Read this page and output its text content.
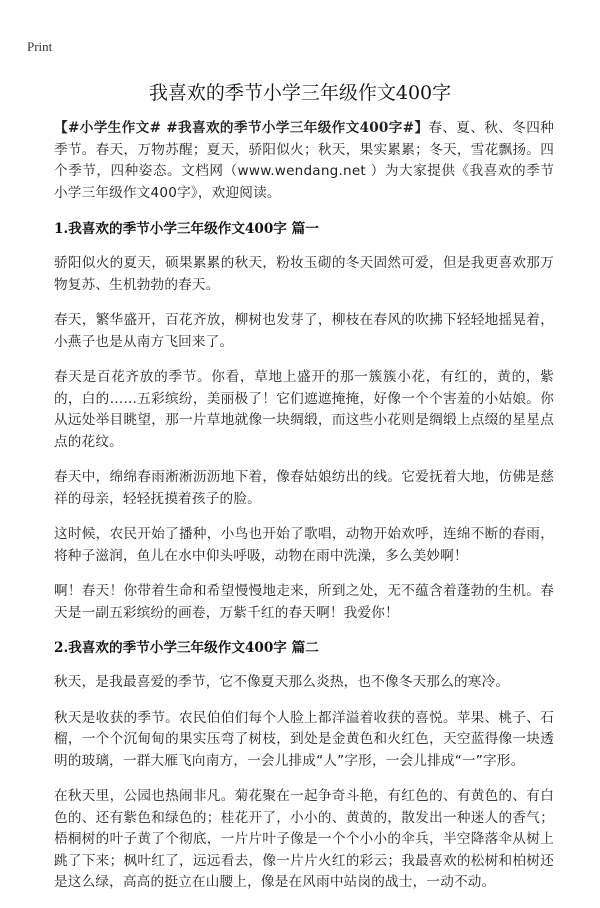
Print
我喜欢的季节小学三年级作文400字

【#小学生作文# #我喜欢的季节小学三年级作文400字#】春、夏、秋、冬四种季节。春天，万物苏醒；夏天，骄阳似火；秋天，果实累累；冬天，雪花飘扬。四个季节，四种姿态。文档网（www.wendang.net ）为大家提供《我喜欢的季节小学三年级作文400字》，欢迎阅读。

1.我喜欢的季节小学三年级作文400字 篇一

骄阳似火的夏天，硕果累累的秋天，粉妆玉砌的冬天固然可爱，但是我更喜欢那万物复苏、生机勃勃的春天。

春天，繁华盛开，百花齐放，柳树也发芽了，柳枝在春风的吹拂下轻轻地摇晃着，小燕子也是从南方飞回来了。

春天是百花齐放的季节。你看，草地上盛开的那一簇簇小花，有红的，黄的，紫的，白的……五彩缤纷，美丽极了！它们遮遮掩掩，好像一个个害羞的小姑娘。你从远处举目眺望，那一片草地就像一块绸缎，而这些小花则是绸缎上点缀的星星点点的花纹。

春天中，绵绵春雨淅淅沥沥地下着，像春姑娘纺出的线。它爱抚着大地，仿佛是慈祥的母亲，轻轻抚摸着孩子的脸。

这时候，农民开始了播种，小鸟也开始了歌唱，动物开始欢呼，连绵不断的春雨，将种子滋润，鱼儿在水中仰头呼吸，动物在雨中洗澡，多么美妙啊！

啊！春天！你带着生命和希望慢慢地走来，所到之处，无不蕴含着蓬勃的生机。春天是一副五彩缤纷的画卷，万紫千红的春天啊！我爱你！

2.我喜欢的季节小学三年级作文400字 篇二

秋天，是我最喜爱的季节，它不像夏天那么炎热，也不像冬天那么的寒冷。

秋天是收获的季节。农民伯伯们每个人脸上都洋溢着收获的喜悦。苹果、桃子、石榴，一个个沉甸甸的果实压弯了树枝，到处是金黄色和火红色，天空蓝得像一块透明的玻璃，一群大雁飞向南方，一会儿排成“人”字形，一会儿排成“一”字形。

在秋天里，公园也热闹非凡。菊花聚在一起争奇斗艳，有红色的、有黄色的、有白色的、还有紫色和绿色的；桂花开了，小小的、黄黄的，散发出一种迷人的香气；梧桐树的叶子黄了个彻底，一片片叶子像是一个个小小的伞兵，半空降落伞从树上跳了下来；枫叶红了，远远看去，像一片片火红的彩云；我最喜欢的松树和柏树还是这么绿，高高的挺立在山腰上，像是在风雨中站岗的战士，一动不动。
